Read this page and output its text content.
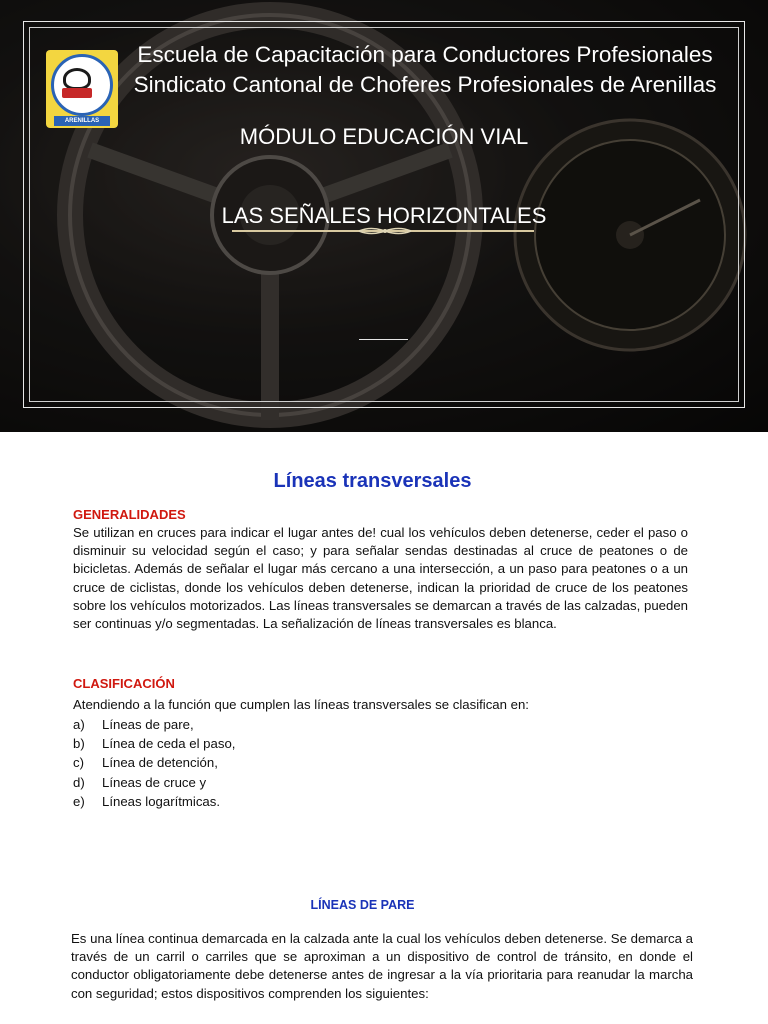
ARENILLAS
Escuela de Capacitación para Conductores Profesionales
Sindicato Cantonal de Choferes Profesionales de Arenillas
MÓDULO EDUCACIÓN VIAL
LAS SEÑALES HORIZONTALES
Líneas transversales
GENERALIDADES
Se utilizan en cruces para indicar el lugar antes de! cual los vehículos deben detenerse, ceder el paso o disminuir su velocidad según el caso; y para señalar sendas destinadas al cruce de peatones o de bicicletas. Además de señalar el lugar más cercano a una intersección, a un paso para peatones o a un cruce de ciclistas, donde los vehículos deben detenerse, indican la prioridad de cruce de los peatones sobre los vehículos motorizados. Las líneas transversales se demarcan a través de las calzadas, pueden ser continuas y/o segmentadas. La señalización de líneas transversales es blanca.
CLASIFICACIÓN
Atendiendo a la función que cumplen las líneas transversales se clasifican en:
a) Líneas de pare,
b) Línea de ceda el paso,
c) Línea de detención,
d) Líneas de cruce y
e) Líneas logarítmicas.
LÍNEAS DE PARE
Es una línea continua demarcada en la calzada ante la cual los vehículos deben detenerse. Se demarca a través de un carril o carriles que se aproximan a un dispositivo de control de tránsito, en donde el conductor obligatoriamente debe detenerse antes de ingresar a la vía prioritaria para reanudar la marcha con seguridad; estos dispositivos comprenden los siguientes:
